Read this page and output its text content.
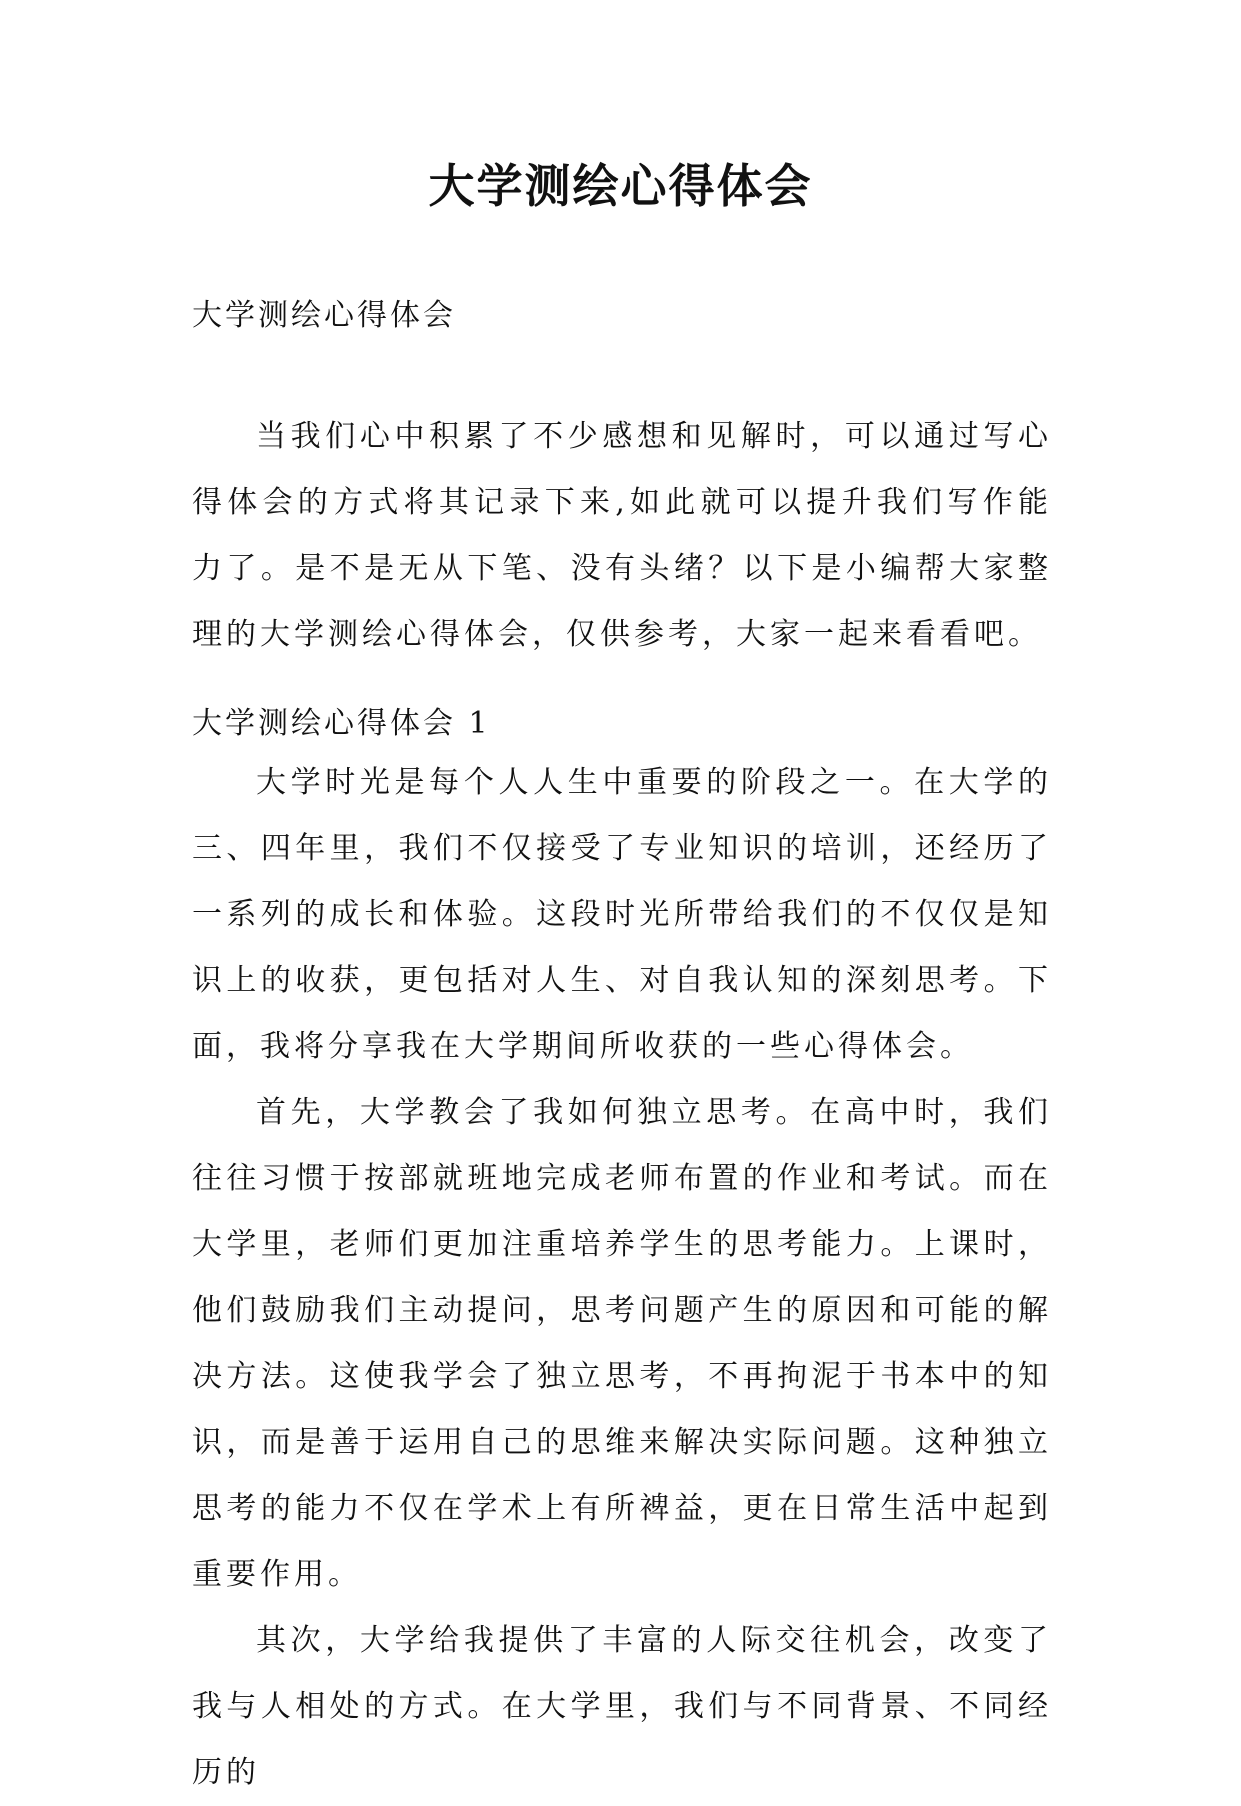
大学测绘心得体会

大学测绘心得体会

当我们心中积累了不少感想和见解时，可以通过写心得体会的方式将其记录下来,如此就可以提升我们写作能力了。是不是无从下笔、没有头绪？以下是小编帮大家整理的大学测绘心得体会，仅供参考，大家一起来看看吧。

大学测绘心得体会 1

大学时光是每个人人生中重要的阶段之一。在大学的三、四年里，我们不仅接受了专业知识的培训，还经历了一系列的成长和体验。这段时光所带给我们的不仅仅是知识上的收获，更包括对人生、对自我认知的深刻思考。下面，我将分享我在大学期间所收获的一些心得体会。

首先，大学教会了我如何独立思考。在高中时，我们往往习惯于按部就班地完成老师布置的作业和考试。而在大学里，老师们更加注重培养学生的思考能力。上课时，他们鼓励我们主动提问，思考问题产生的原因和可能的解决方法。这使我学会了独立思考，不再拘泥于书本中的知识，而是善于运用自己的思维来解决实际问题。这种独立思考的能力不仅在学术上有所裨益，更在日常生活中起到重要作用。

其次，大学给我提供了丰富的人际交往机会，改变了我与人相处的方式。在大学里，我们与不同背景、不同经历的
